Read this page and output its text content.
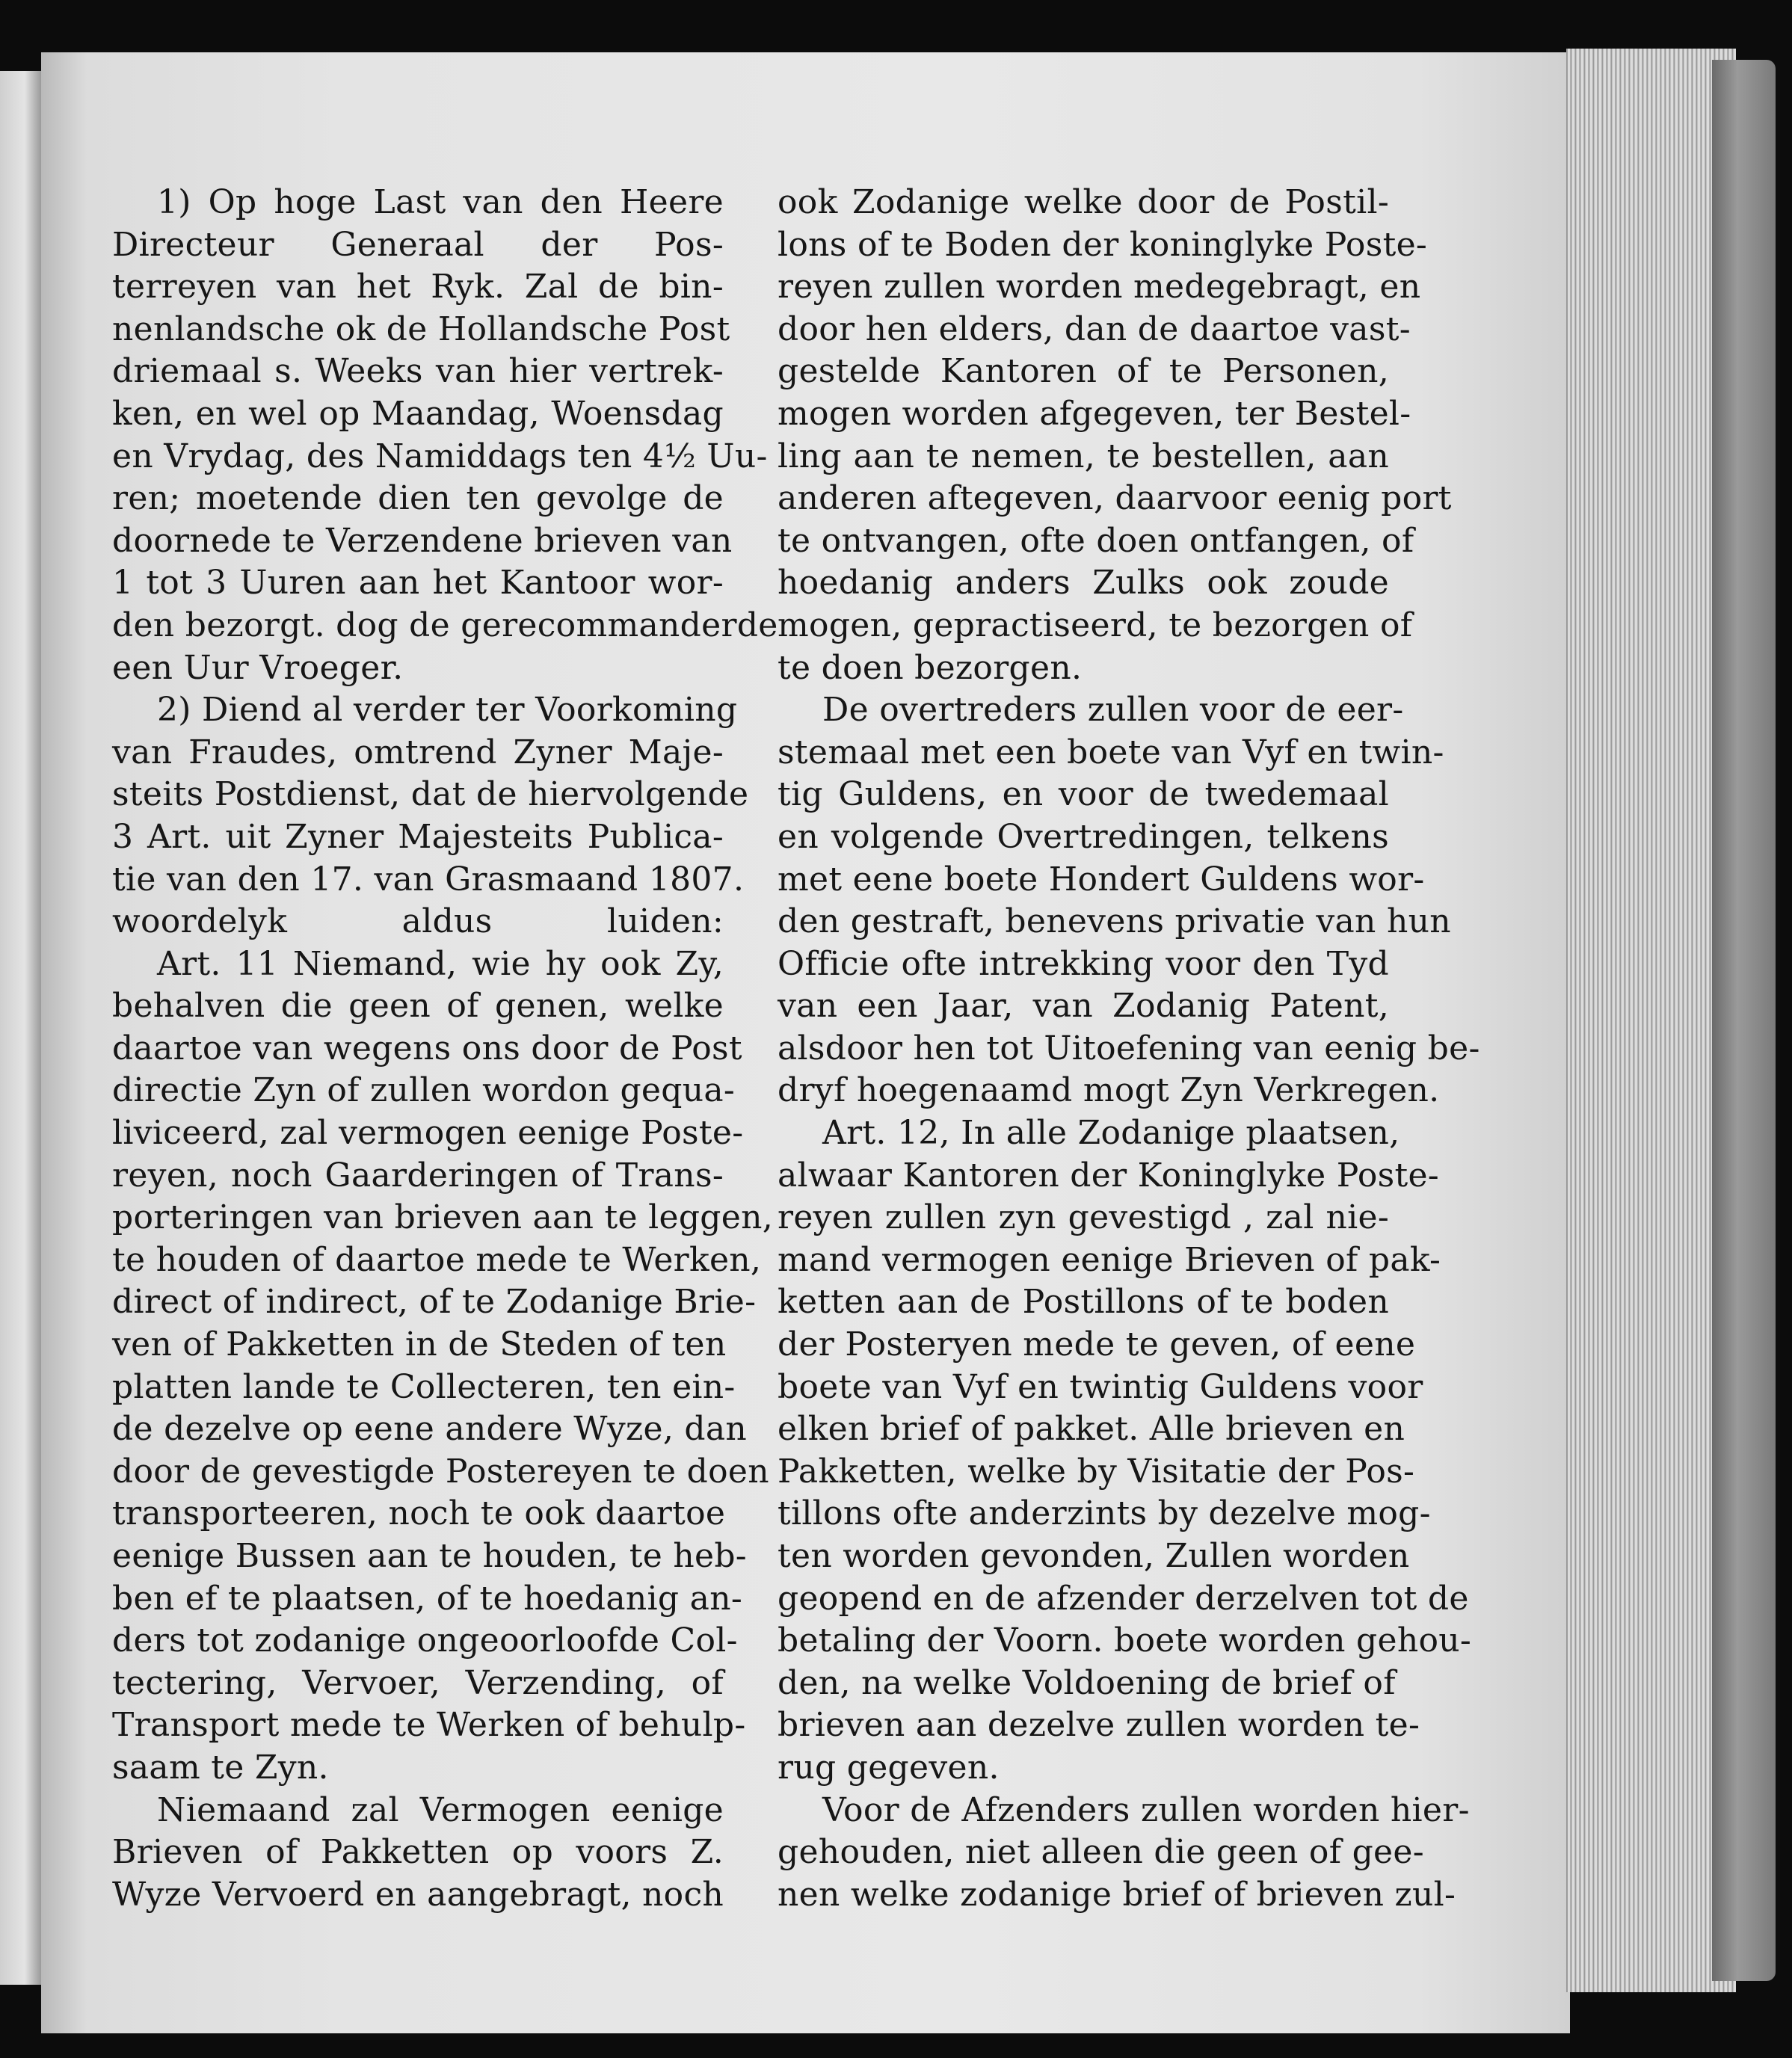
1) Op hoge Last van den Heere
Directeur Generaal der Pos-
terreyen van het Ryk. Zal de bin-
nenlandsche ok de Hollandsche Post
driemaal s. Weeks van hier vertrek-
ken, en wel op Maandag, Woensdag
en Vrydag, des Namiddags ten 4½ Uu-
ren; moetende dien ten gevolge de
doornede te Verzendene brieven van
1 tot 3 Uuren aan het Kantoor wor-
den bezorgt. dog de gerecommanderde
een Uur Vroeger.
2) Diend al verder ter Voorkoming
van Fraudes, omtrend Zyner Maje-
steits Postdienst, dat de hiervolgende
3 Art. uit Zyner Majesteits Publica-
tie van den 17. van Grasmaand 1807.
woordelyk aldus luiden:
Art. 11 Niemand, wie hy ook Zy,
behalven die geen of genen, welke
daartoe van wegens ons door de Post
directie Zyn of zullen wordon gequa-
liviceerd, zal vermogen eenige Poste-
reyen, noch Gaarderingen of Trans-
porteringen van brieven aan te leggen,
te houden of daartoe mede te Werken,
direct of indirect, of te Zodanige Brie-
ven of Pakketten in de Steden of ten
platten lande te Collecteren, ten ein-
de dezelve op eene andere Wyze, dan
door de gevestigde Postereyen te doen
transporteeren, noch te ook daartoe
eenige Bussen aan te houden, te heb-
ben ef te plaatsen, of te hoedanig an-
ders tot zodanige ongeoorloofde Col-
tectering, Vervoer, Verzending, of
Transport mede te Werken of behulp-
saam te Zyn.
Niemaand zal Vermogen eenige
Brieven of Pakketten op voors Z.
Wyze Vervoerd en aangebragt, noch
ook Zodanige welke door de Postil-
lons of te Boden der koninglyke Poste-
reyen zullen worden medegebragt, en
door hen elders, dan de daartoe vast-
gestelde Kantoren of te Personen,
mogen worden afgegeven, ter Bestel-
ling aan te nemen, te bestellen, aan
anderen aftegeven, daarvoor eenig port
te ontvangen, ofte doen ontfangen, of
hoedanig anders Zulks ook zoude
mogen, gepractiseerd, te bezorgen of
te doen bezorgen.
De overtreders zullen voor de eer-
stemaal met een boete van Vyf en twin-
tig Guldens, en voor de twedemaal
en volgende Overtredingen, telkens
met eene boete Hondert Guldens wor-
den gestraft, benevens privatie van hun
Officie ofte intrekking voor den Tyd
van een Jaar, van Zodanig Patent,
alsdoor hen tot Uitoefening van eenig be-
dryf hoegenaamd mogt Zyn Verkregen.
Art. 12, In alle Zodanige plaatsen,
alwaar Kantoren der Koninglyke Poste-
reyen zullen zyn gevestigd , zal nie-
mand vermogen eenige Brieven of pak-
ketten aan de Postillons of te boden
der Posteryen mede te geven, of eene
boete van Vyf en twintig Guldens voor
elken brief of pakket. Alle brieven en
Pakketten, welke by Visitatie der Pos-
tillons ofte anderzints by dezelve mog-
ten worden gevonden, Zullen worden
geopend en de afzender derzelven tot de
betaling der Voorn. boete worden gehou-
den, na welke Voldoening de brief of
brieven aan dezelve zullen worden te-
rug gegeven.
Voor de Afzenders zullen worden hier-
gehouden, niet alleen die geen of gee-
nen welke zodanige brief of brieven zul-
